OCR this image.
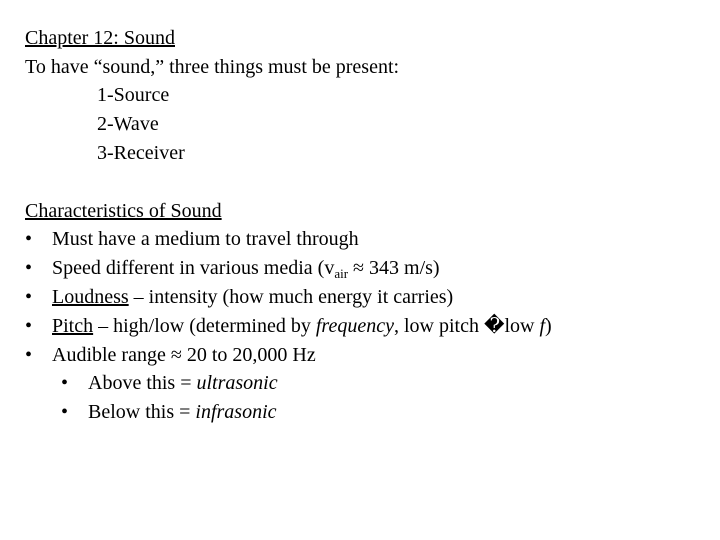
Chapter 12: Sound
To have “sound,” three things must be present:
1-Source
2-Wave
3-Receiver
Characteristics of Sound
• Must have a medium to travel through
• Speed different in various media ($v_{air} \approx 343$ m/s)
• Loudness – intensity (how much energy it carries)
• Pitch – high/low (determined by frequency, low pitch �low f)
• Audible range ≈ 20 to 20,000 Hz
• Above this = ultrasonic
• Below this = infrasonic
